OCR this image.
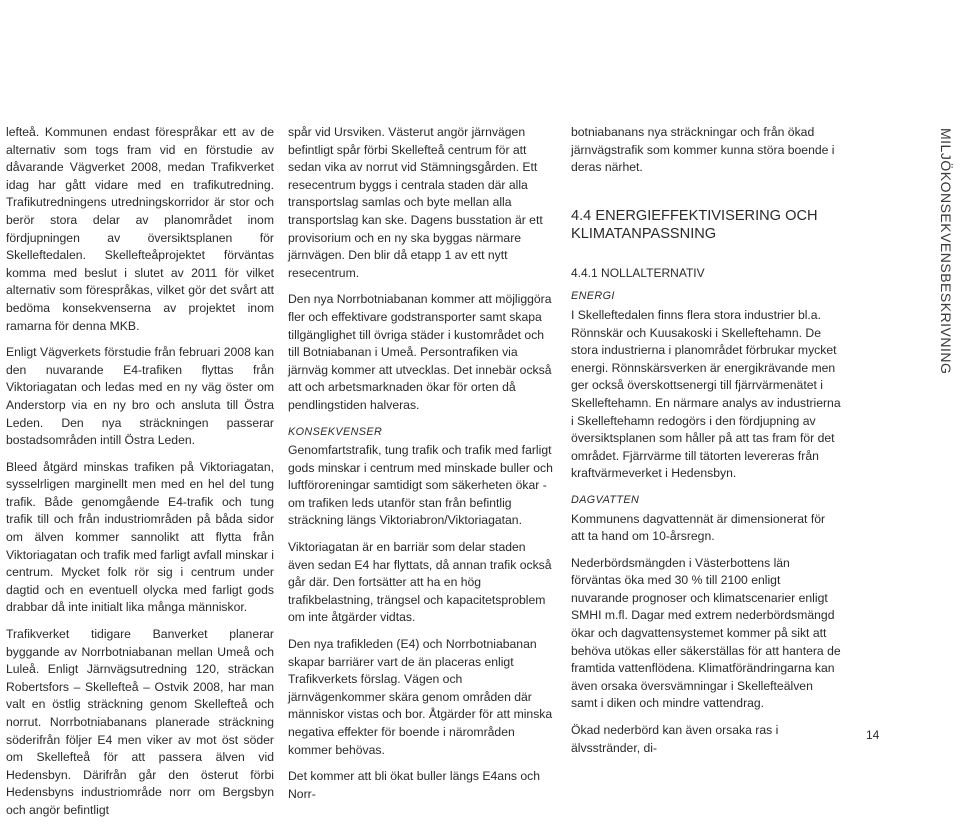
lefteå. Kommunen endast förespråkar ett av de alternativ som togs fram vid en förstudie av dåvarande Vägverket 2008, medan Trafikverket idag har gått vidare med en trafikutredning. Trafikutredningens utredningskorridor är stor och berör stora delar av planområdet inom fördjupningen av översiktsplanen för Skelleftedalen. Skellefteåprojektet förväntas komma med beslut i slutet av 2011 för vilket alternativ som förespråkas, vilket gör det svårt att bedöma konsekvenserna av projektet inom ramarna för denna MKB.

Enligt Vägverkets förstudie från februari 2008 kan den nuvarande E4-trafiken flyttas från Viktoriagatan och ledas med en ny väg öster om Anderstorp via en ny bro och ansluta till Östra Leden. Den nya sträckningen passerar bostadsområden intill Östra Leden.

Bleed åtgärd minskas trafiken på Viktoriagatan, sysselrligen marginellt men med en hel del tung trafik. Både genomgående E4-trafik och tung trafik till och från industriområden på båda sidor om älven kommer sannolikt att flytta från Viktoriagatan och trafik med farligt avfall minskar i centrum. Mycket folk rör sig i centrum under dagtid och en eventuell olycka med farligt gods drabbar då inte initialt lika många människor.

Trafikverket tidigare Banverket planerar byggande av Norrbotniabanan mellan Umeå och Luleå. Enligt Järnvägsutredning 120, sträckan Robertsfors – Skellefteå – Ostvik 2008, har man valt en östlig sträckning genom Skellefteå och norrut. Norrbotniabanans planerade sträckning söderifrån följer E4 men viker av mot öst söder om Skellefteå för att passera älven vid Hedensbyn. Därifrån går den österut förbi Hedensbyns industriområde norr om Bergsbyn och angör befintligt

spår vid Ursviken. Västerut angör järnvägen befintligt spår förbi Skellefteå centrum för att sedan vika av norrut vid Stämningsgården. Ett resecentrum byggs i centrala staden där alla transportslag samlas och byte mellan alla transportslag kan ske. Dagens busstation är ett provisorium och en ny ska byggas närmare järnvägen. Den blir då etapp 1 av ett nytt resecentrum.

Den nya Norrbotniabanan kommer att möjliggöra fler och effektivare godstransporter samt skapa tillgänglighet till övriga städer i kustområdet och till Botniabanan i Umeå. Persontrafiken via järnväg kommer att utvecklas. Det innebär också att och arbetsmarknaden ökar för orten då pendlingstiden halveras.

KONSEKVENSER

Genomfartstrafik, tung trafik och trafik med farligt gods minskar i centrum med minskade buller och luftföroreningar samtidigt som säkerheten ökar - om trafiken leds utanför stan från befintlig sträckning längs Viktoriabron/Viktoriagatan.

Viktoriagatan är en barriär som delar staden även sedan E4 har flyttats, då annan trafik också går där. Den fortsätter att ha en hög trafikbelastning, trängsel och kapacitetsproblem om inte åtgärder vidtas.

Den nya trafikleden (E4) och Norrbotniabanan skapar barriärer vart de än placeras enligt Trafikverkets förslag. Vägen och järnvägenkommer skära genom områden där människor vistas och bor. Åtgärder för att minska negativa effekter för boende i närområden kommer behövas.

Det kommer att bli ökat buller längs E4ans och Norr-

botniabanans nya sträckningar och från ökad järnvägstrafik som kommer kunna störa boende i deras närhet.

4.4 ENERGIEFFEKTIVISERING OCH KLIMATANPASSNING

4.4.1 NOLLALTERNATIV

ENERGI

I Skelleftedalen finns flera stora industrier bl.a. Rönnskär och Kuusakoski i Skelleftehamn. De stora industrierna i planområdet förbrukar mycket energi. Rönnskärsverken är energikrävande men ger också överskottsenergi till fjärrvärmenätet i Skelleftehamn. En närmare analys av industrierna i Skelleftehamn redogörs i den fördjupning av översiktsplanen som håller på att tas fram för det området. Fjärrvärme till tätorten levereras från kraftvärmeverket i Hedensbyn.

DAGVATTEN

Kommunens dagvattennät är dimensionerat för att ta hand om 10-årsregn.

Nederbördsmängden i Västerbottens län förväntas öka med 30 % till 2100 enligt nuvarande prognoser och klimatscenarier enligt SMHI m.fl. Dagar med extrem nederbördsmängd ökar och dagvattensystemet kommer på sikt att behöva utökas eller säkerställas för att hantera de framtida vattenflödena. Klimatförändringarna kan även orsaka översvämningar i Skellefteälven samt i diken och mindre vattendrag.

Ökad nederbörd kan även orsaka ras i älvsstränder, di-

MILJÖKONSEKVENSBESKRIVNING
14
